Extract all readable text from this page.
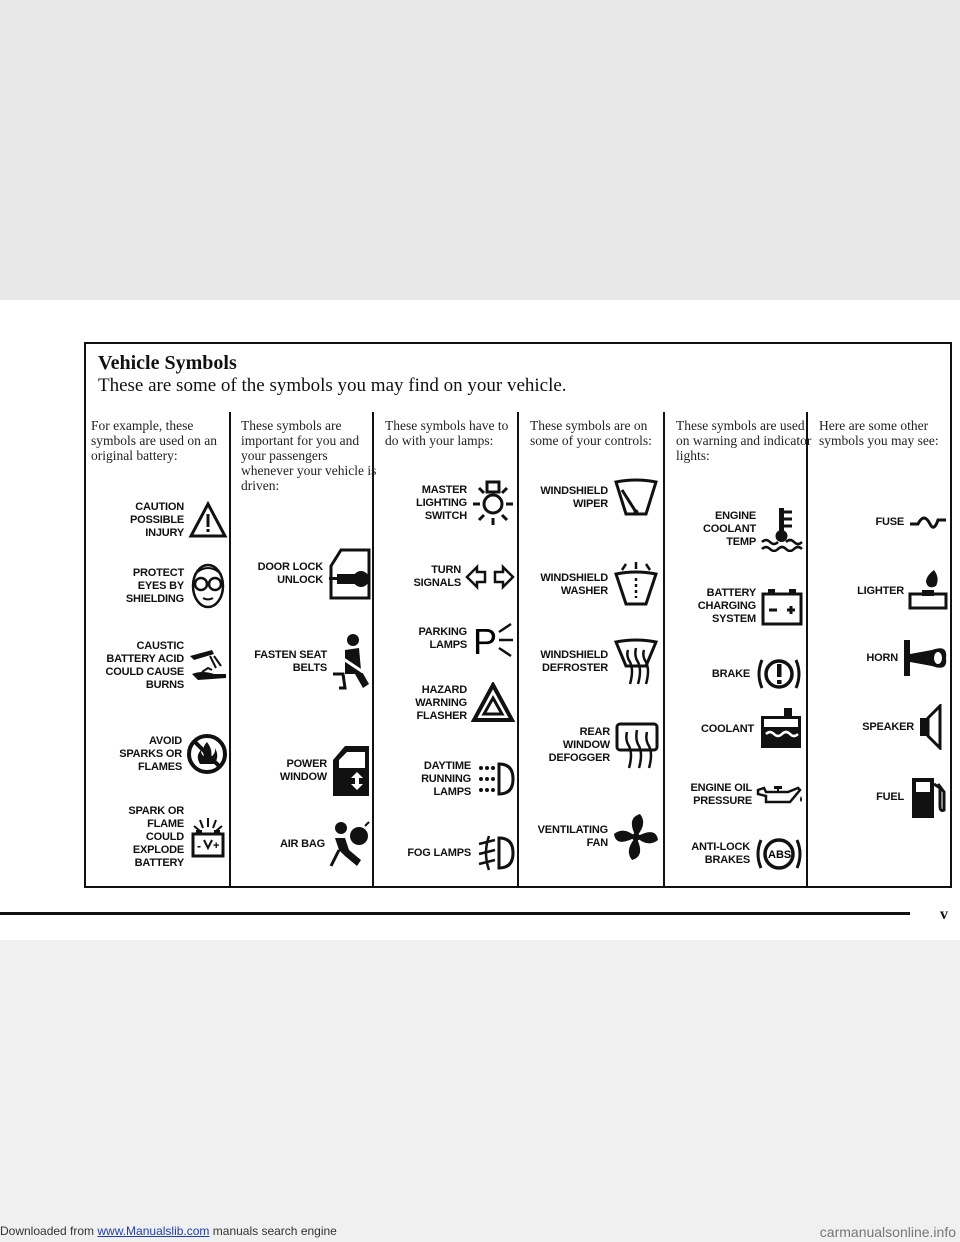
Vehicle Symbols
These are some of the symbols you may find on your vehicle.

For example, these symbols are used on an original battery:

These symbols are important for you and your passengers whenever your vehicle is driven:

These symbols have to do with your lamps:

These symbols are on some of your controls:

These symbols are used on warning and indicator lights:

Here are some other symbols you may see:

CAUTION POSSIBLE INJURY
PROTECT EYES BY SHIELDING
CAUSTIC BATTERY ACID COULD CAUSE BURNS
AVOID SPARKS OR FLAMES
SPARK OR FLAME COULD EXPLODE BATTERY
- +
DOOR LOCK UNLOCK
FASTEN SEAT BELTS
POWER WINDOW
AIR BAG
MASTER LIGHTING SWITCH
TURN SIGNALS
PARKING LAMPS P
HAZARD WARNING FLASHER
DAYTIME RUNNING LAMPS
FOG LAMPS
WINDSHIELD WIPER
WINDSHIELD WASHER
WINDSHIELD DEFROSTER
REAR WINDOW DEFOGGER
VENTILATING FAN
ENGINE COOLANT TEMP
BATTERY CHARGING SYSTEM
BRAKE
COOLANT
ENGINE OIL PRESSURE
ANTI-LOCK BRAKES ABS
FUSE
LIGHTER
HORN
SPEAKER
FUEL
v
Downloaded from www.Manualslib.com manuals search engine	carmanualsonline.info
